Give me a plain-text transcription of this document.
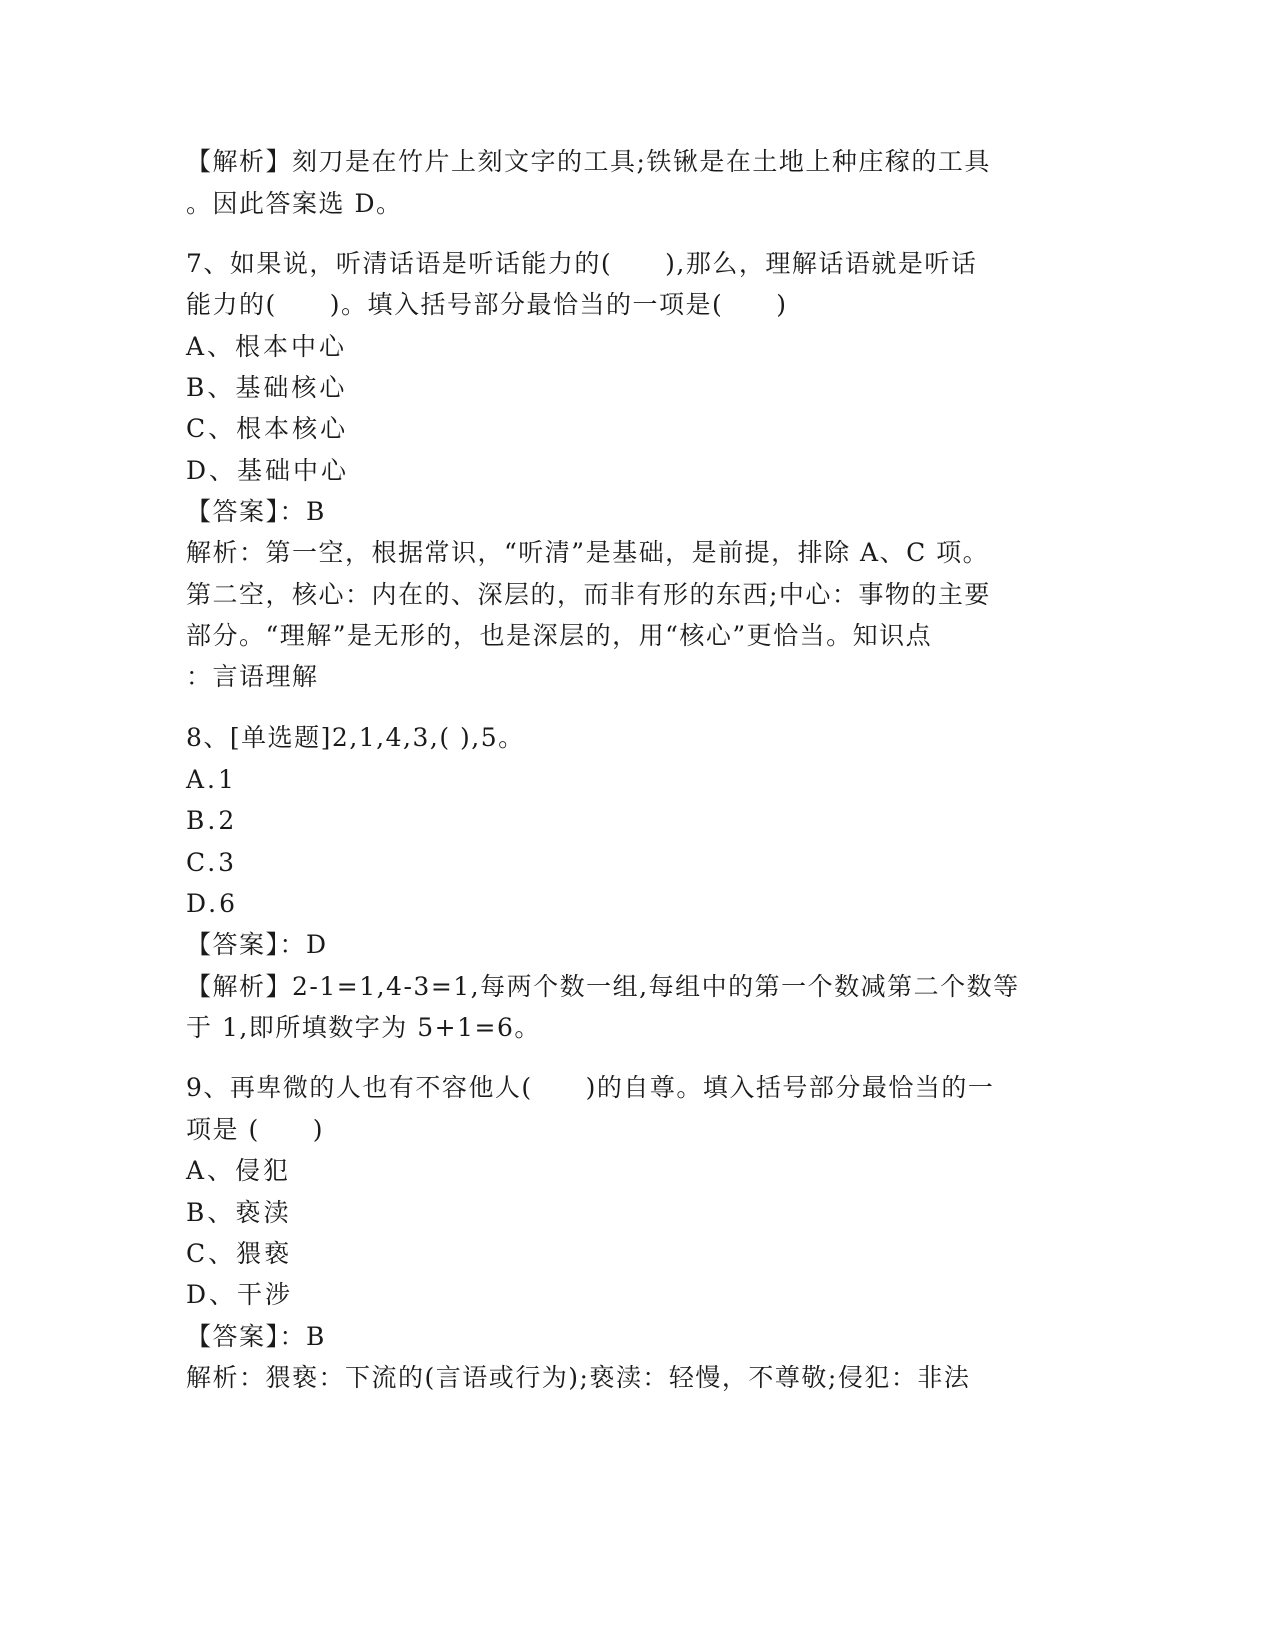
【解析】刻刀是在竹片上刻文字的工具;铁锹是在土地上种庄稼的工具
。因此答案选 D。
7、如果说，听清话语是听话能力的(　　),那么，理解话语就是听话
能力的(　　)。填入括号部分最恰当的一项是(　　)
A、根本中心
B、基础核心
C、根本核心
D、基础中心
【答案】：B
解析：第一空，根据常识，“听清”是基础，是前提，排除 A、C 项。
第二空，核心：内在的、深层的，而非有形的东西;中心：事物的主要
部分。“理解”是无形的，也是深层的，用“核心”更恰当。知识点
：言语理解
8、[单选题]2,1,4,3,( ),5。
A.1
B.2
C.3
D.6
【答案】：D
【解析】2-1=1,4-3=1,每两个数一组,每组中的第一个数减第二个数等
于 1,即所填数字为 5+1=6。
9、再卑微的人也有不容他人(　　)的自尊。填入括号部分最恰当的一
项是 (　　)
A、侵犯
B、亵渎
C、猥亵
D、干涉
【答案】：B
解析：猥亵：下流的(言语或行为);亵渎：轻慢，不尊敬;侵犯：非法
